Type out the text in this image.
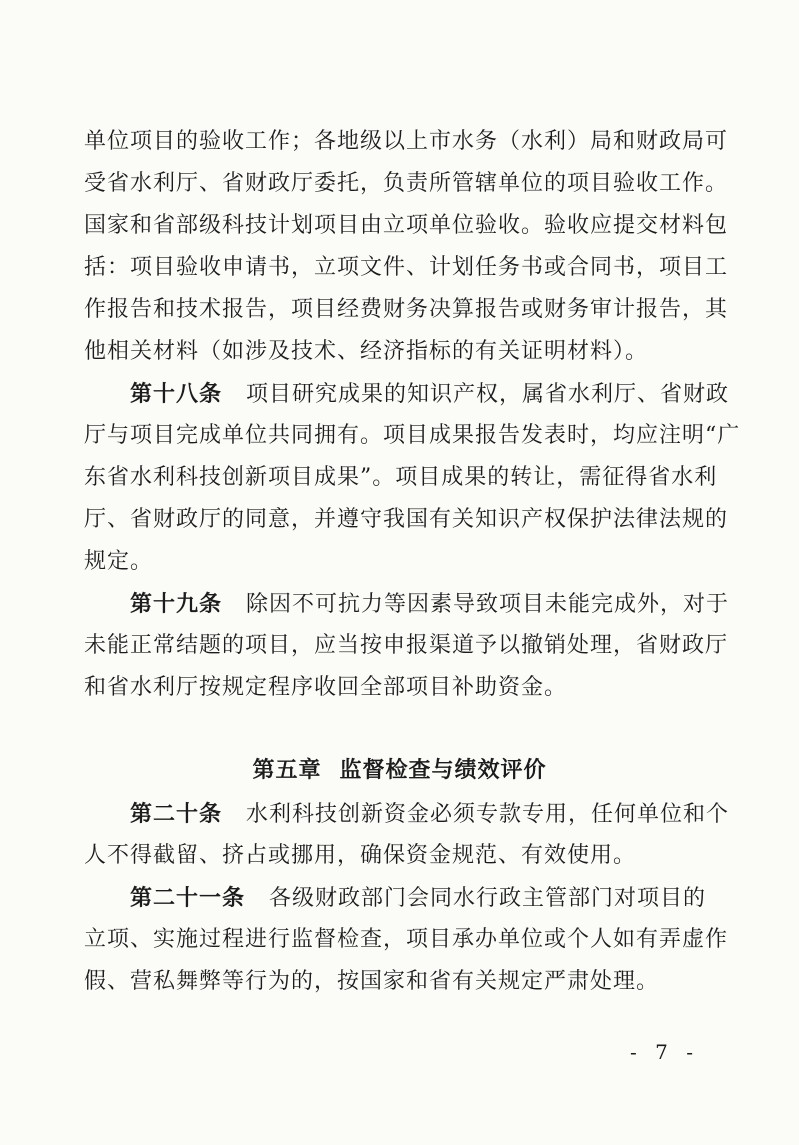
单位项目的验收工作；各地级以上市水务（水利）局和财政局可
受省水利厅、省财政厅委托，负责所管辖单位的项目验收工作。
国家和省部级科技计划项目由立项单位验收。验收应提交材料包
括：项目验收申请书，立项文件、计划任务书或合同书，项目工
作报告和技术报告，项目经费财务决算报告或财务审计报告，其
他相关材料（如涉及技术、经济指标的有关证明材料）。
第十八条 项目研究成果的知识产权，属省水利厅、省财政
厅与项目完成单位共同拥有。项目成果报告发表时，均应注明“广
东省水利科技创新项目成果”。项目成果的转让，需征得省水利
厅、省财政厅的同意，并遵守我国有关知识产权保护法律法规的
规定。
第十九条 除因不可抗力等因素导致项目未能完成外，对于
未能正常结题的项目，应当按申报渠道予以撤销处理，省财政厅
和省水利厅按规定程序收回全部项目补助资金。
第五章 监督检查与绩效评价
第二十条 水利科技创新资金必须专款专用，任何单位和个
人不得截留、挤占或挪用，确保资金规范、有效使用。
第二十一条 各级财政部门会同水行政主管部门对项目的
立项、实施过程进行监督检查，项目承办单位或个人如有弄虚作
假、营私舞弊等行为的，按国家和省有关规定严肃处理。
- 7 -
